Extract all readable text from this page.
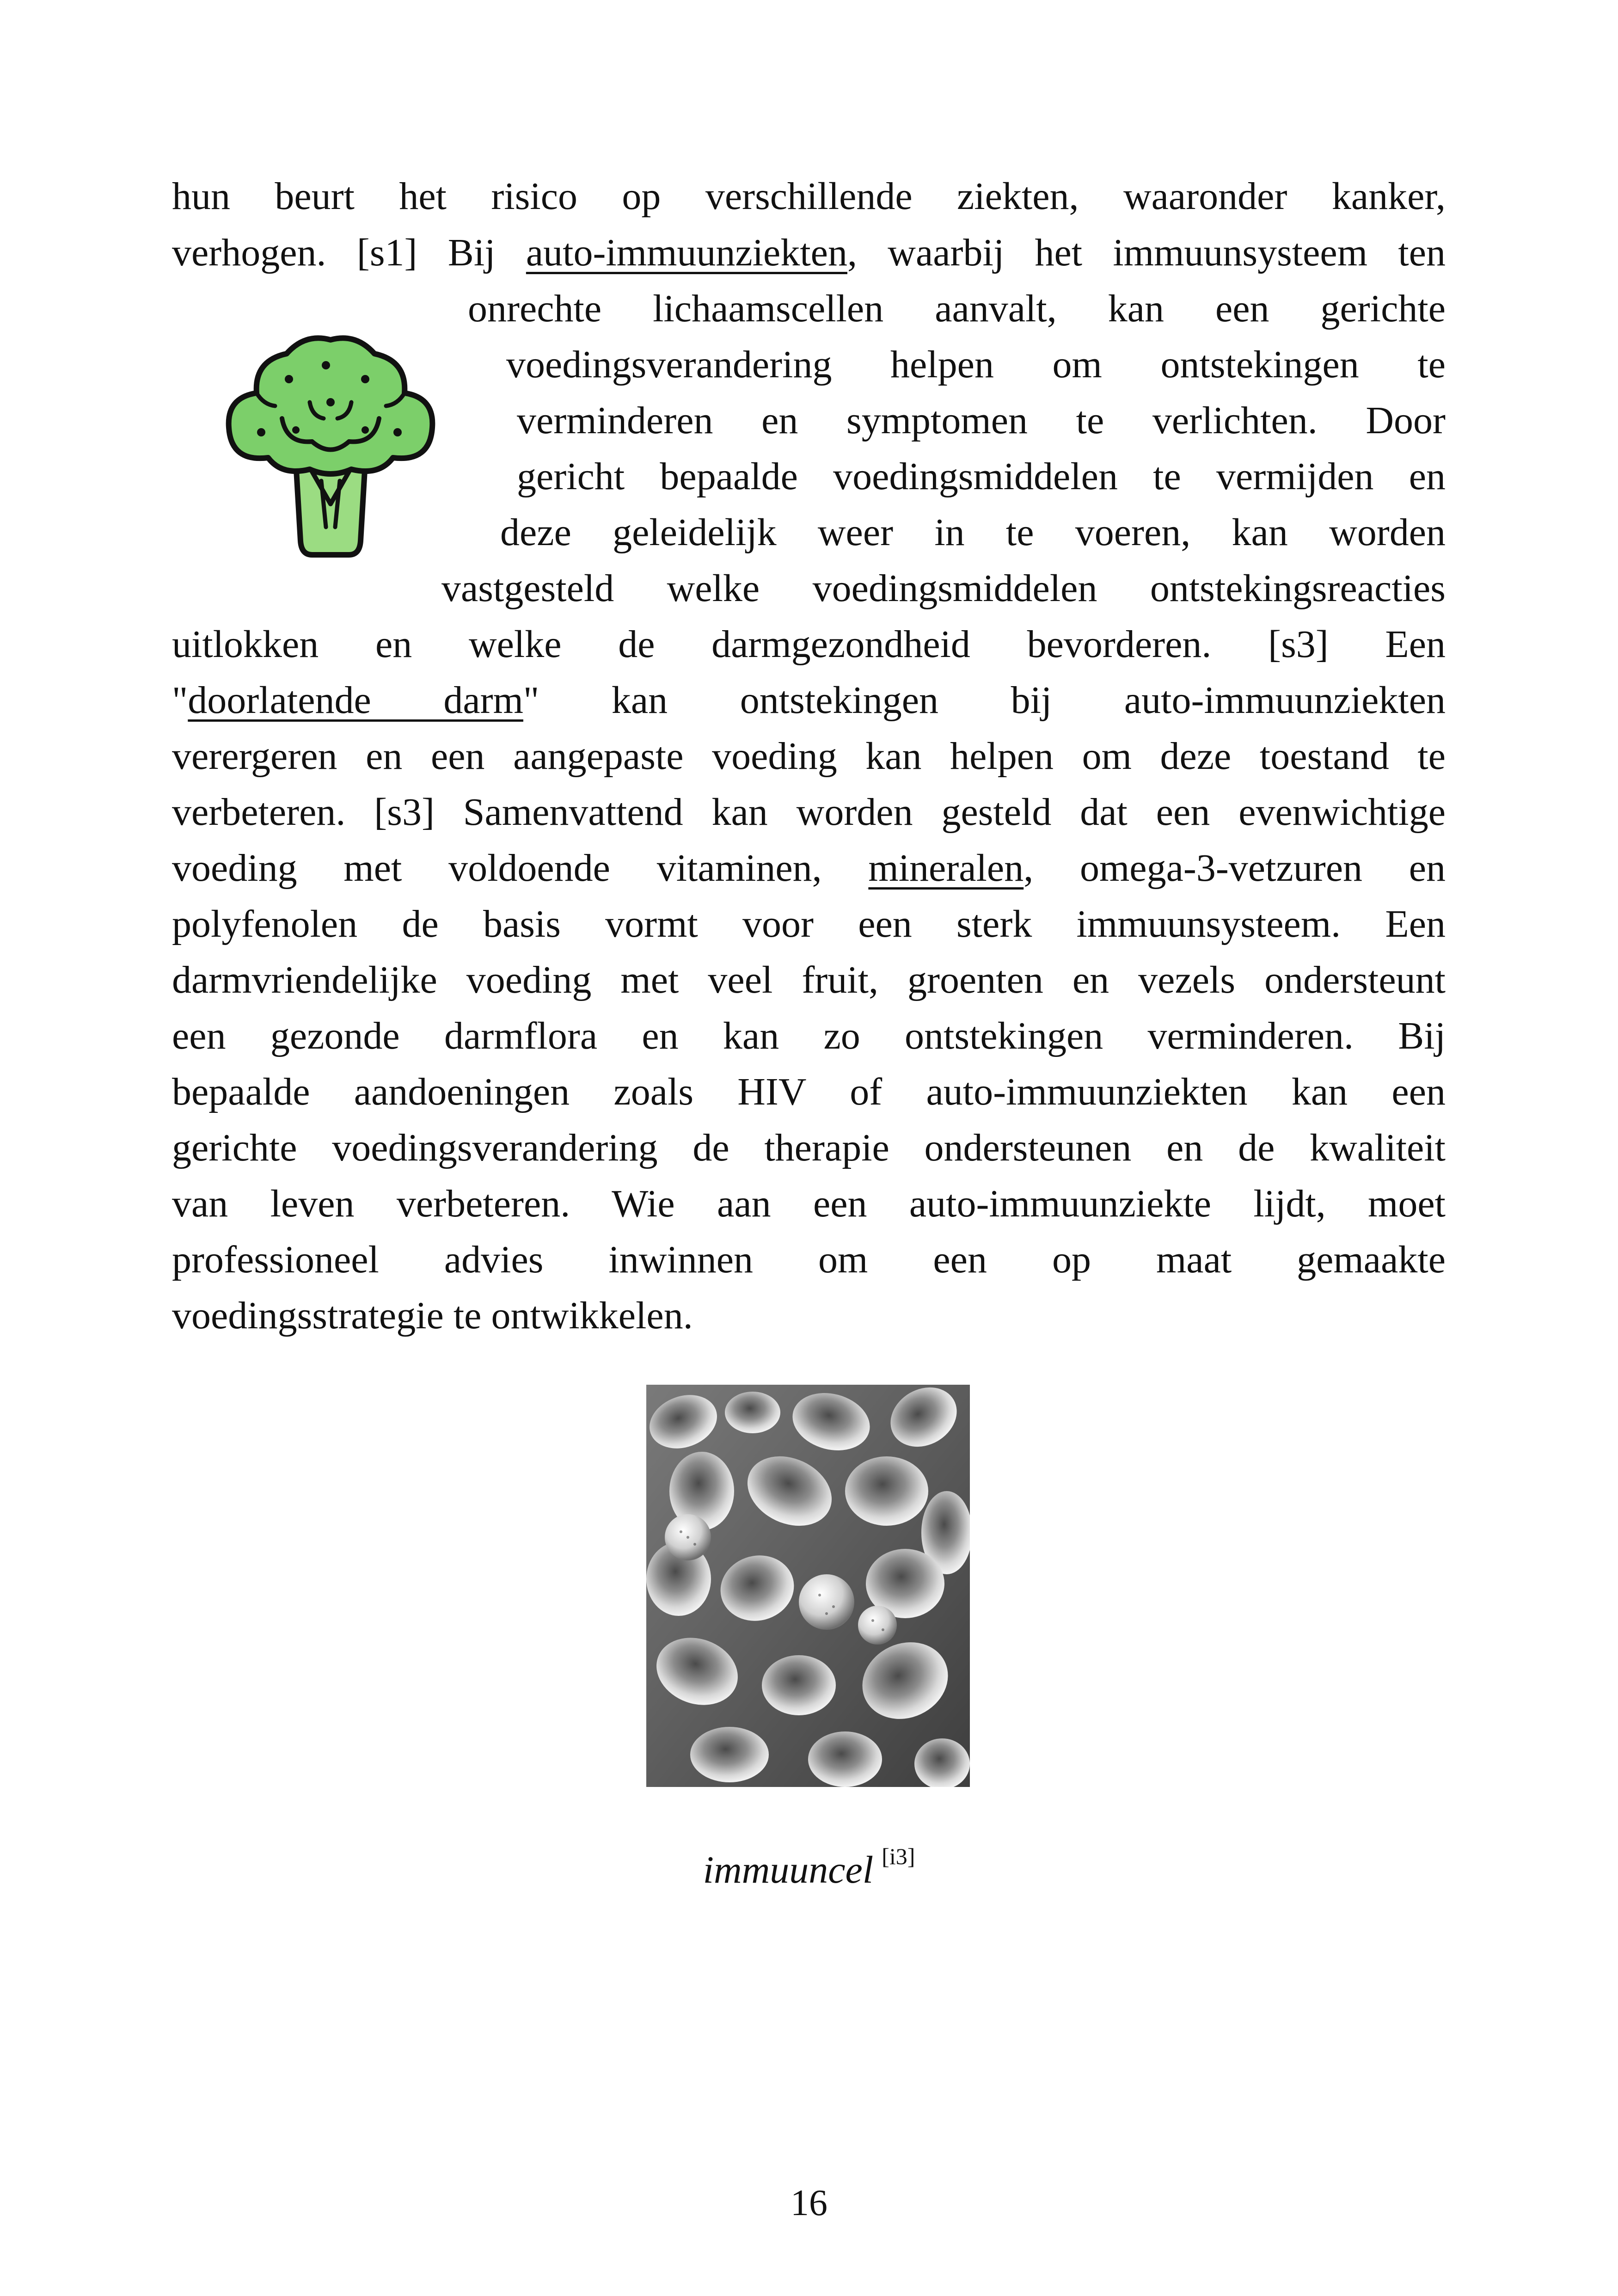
hun beurt het risico op verschillende ziekten, waaronder kanker,
verhogen. [s1] Bij auto-immuunziekten, waarbij het immuunsysteem ten
onrechte lichaamscellen aanvalt, kan een gerichte
voedingsverandering helpen om ontstekingen te
verminderen en symptomen te verlichten. Door
gericht bepaalde voedingsmiddelen te vermijden en
deze geleidelijk weer in te voeren, kan worden
vastgesteld welke voedingsmiddelen ontstekingsreacties
uitlokken en welke de darmgezondheid bevorderen. [s3] Een
"doorlatende darm" kan ontstekingen bij auto-immuunziekten
verergeren en een aangepaste voeding kan helpen om deze toestand te
verbeteren. [s3] Samenvattend kan worden gesteld dat een evenwichtige
voeding met voldoende vitaminen, mineralen, omega-3-vetzuren en
polyfenolen de basis vormt voor een sterk immuunsysteem. Een
darmvriendelijke voeding met veel fruit, groenten en vezels ondersteunt
een gezonde darmflora en kan zo ontstekingen verminderen. Bij
bepaalde aandoeningen zoals HIV of auto-immuunziekten kan een
gerichte voedingsverandering de therapie ondersteunen en de kwaliteit
van leven verbeteren. Wie aan een auto-immuunziekte lijdt, moet
professioneel advies inwinnen om een op maat gemaakte
voedingsstrategie te ontwikkelen.
immuuncel [i3]
16
